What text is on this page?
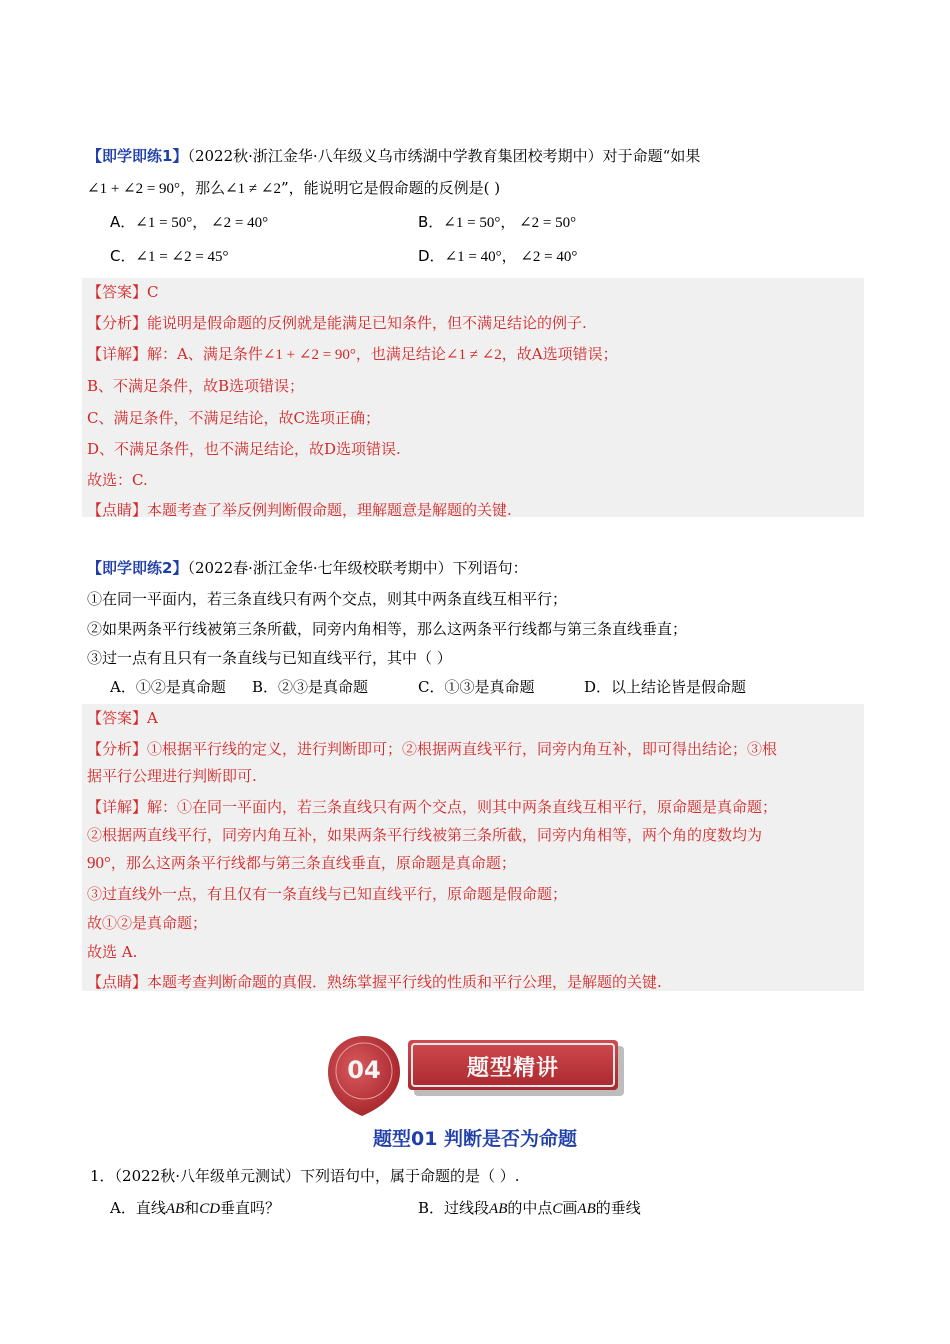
【即学即练1】（2022秋·浙江金华·八年级义乌市绣湖中学教育集团校考期中）对于命题“如果
∠1 + ∠2 = 90°，那么∠1 ≠ ∠2”，能说明它是假命题的反例是( )
A．∠1 = 50°， ∠2 = 40°	B．∠1 = 50°， ∠2 = 50°
C．∠1 = ∠2 = 45°	D．∠1 = 40°， ∠2 = 40°
【答案】C
【分析】能说明是假命题的反例就是能满足已知条件，但不满足结论的例子.
【详解】解：A、满足条件∠1 + ∠2 = 90°，也满足结论∠1 ≠ ∠2，故A选项错误；
B、不满足条件，故B选项错误；
C、满足条件，不满足结论，故C选项正确；
D、不满足条件，也不满足结论，故D选项错误.
故选：C.
【点睛】本题考查了举反例判断假命题，理解题意是解题的关键.
【即学即练2】（2022春·浙江金华·七年级校联考期中）下列语句：
①在同一平面内，若三条直线只有两个交点，则其中两条直线互相平行；
②如果两条平行线被第三条所截，同旁内角相等，那么这两条平行线都与第三条直线垂直；
③过一点有且只有一条直线与已知直线平行，其中（ ）
A．①②是真命题 B．②③是真命题	C．①③是真命题	D．以上结论皆是假命题
【答案】A
【分析】①根据平行线的定义，进行判断即可；②根据两直线平行，同旁内角互补，即可得出结论；③根
据平行公理进行判断即可.
【详解】解：①在同一平面内，若三条直线只有两个交点，则其中两条直线互相平行，原命题是真命题；
②根据两直线平行，同旁内角互补，如果两条平行线被第三条所截，同旁内角相等，两个角的度数均为
90°，那么这两条平行线都与第三条直线垂直，原命题是真命题；
③过直线外一点，有且仅有一条直线与已知直线平行，原命题是假命题；
故①②是真命题；
故选 A.
【点睛】本题考查判断命题的真假．熟练掌握平行线的性质和平行公理，是解题的关键.
04	题型精讲
题型01 判断是否为命题
1．（2022秋·八年级单元测试）下列语句中，属于命题的是（ ）.
A．直线AB和CD垂直吗？	B．过线段AB的中点C画AB的垂线
